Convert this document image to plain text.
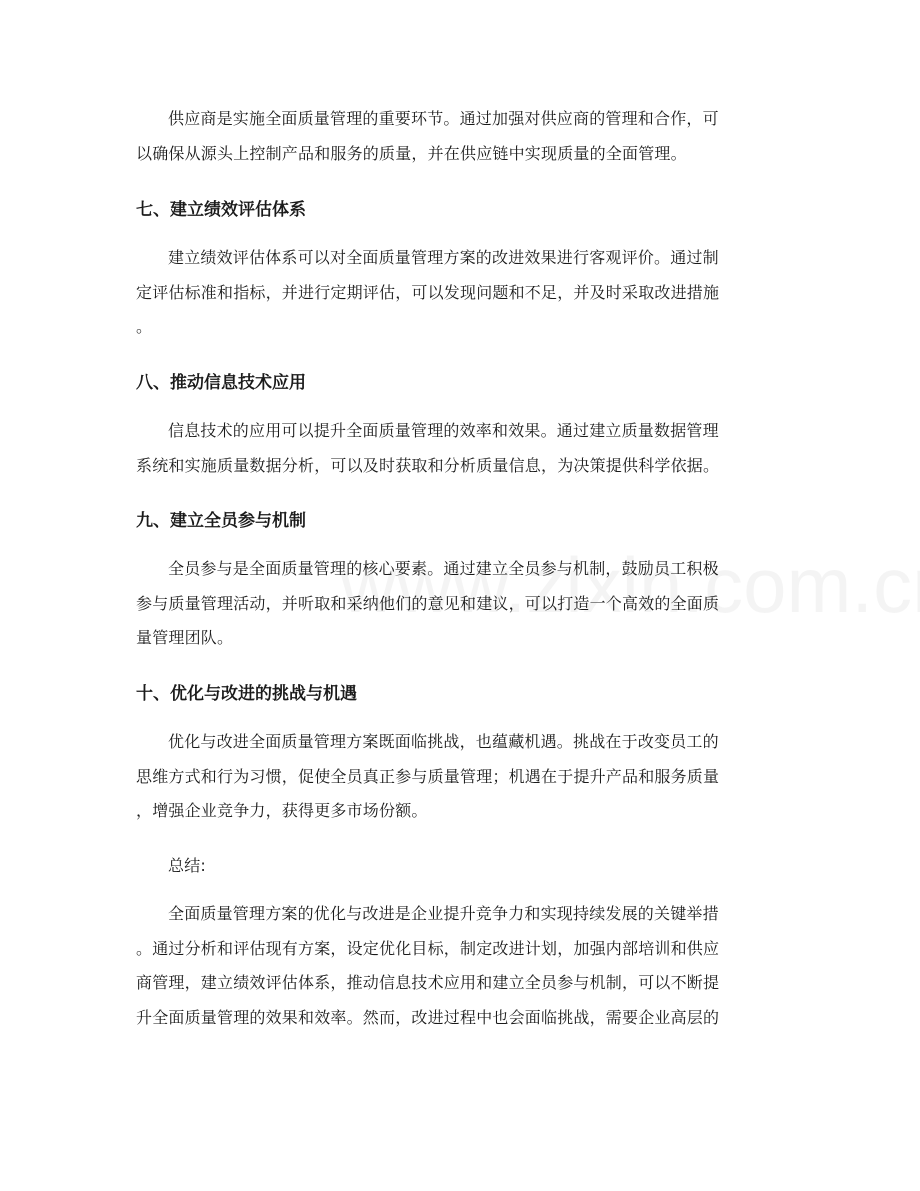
供应商是实施全面质量管理的重要环节。通过加强对供应商的管理和合作，可
以确保从源头上控制产品和服务的质量，并在供应链中实现质量的全面管理。
七、建立绩效评估体系
建立绩效评估体系可以对全面质量管理方案的改进效果进行客观评价。通过制
定评估标准和指标，并进行定期评估，可以发现问题和不足，并及时采取改进措施
。
八、推动信息技术应用
信息技术的应用可以提升全面质量管理的效率和效果。通过建立质量数据管理
系统和实施质量数据分析，可以及时获取和分析质量信息，为决策提供科学依据。
九、建立全员参与机制
全员参与是全面质量管理的核心要素。通过建立全员参与机制，鼓励员工积极
参与质量管理活动，并听取和采纳他们的意见和建议，可以打造一个高效的全面质
量管理团队。
十、优化与改进的挑战与机遇
优化与改进全面质量管理方案既面临挑战，也蕴藏机遇。挑战在于改变员工的
思维方式和行为习惯，促使全员真正参与质量管理；机遇在于提升产品和服务质量
，增强企业竞争力，获得更多市场份额。
总结:
全面质量管理方案的优化与改进是企业提升竞争力和实现持续发展的关键举措
。通过分析和评估现有方案，设定优化目标，制定改进计划，加强内部培训和供应
商管理，建立绩效评估体系，推动信息技术应用和建立全员参与机制，可以不断提
升全面质量管理的效果和效率。然而，改进过程中也会面临挑战，需要企业高层的
